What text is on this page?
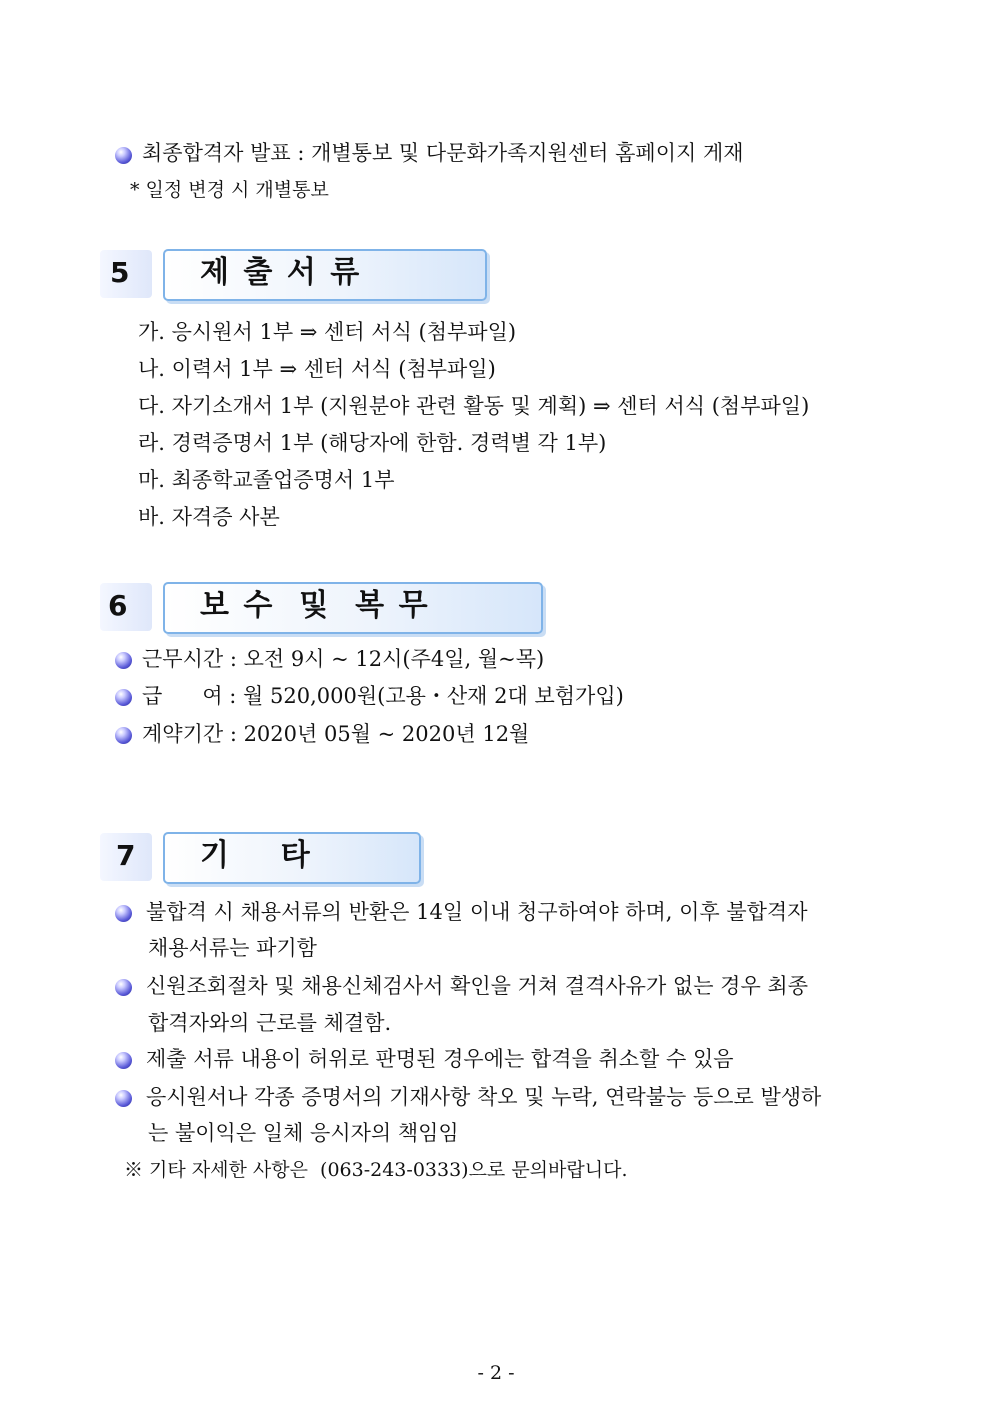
최종합격자 발표 : 개별통보 및 다문화가족지원센터 홈페이지 게재
* 일정 변경 시 개별통보
5 제 출 서 류
가. 응시원서 1부 ⇒ 센터 서식 (첨부파일)
나. 이력서 1부 ⇒ 센터 서식 (첨부파일)
다. 자기소개서 1부 (지원분야 관련 활동 및 계획) ⇒ 센터 서식 (첨부파일)
라. 경력증명서 1부 (해당자에 한함. 경력별 각 1부)
마. 최종학교졸업증명서 1부
바. 자격증 사본
6 보 수  및  복 무
근무시간 : 오전 9시 ~ 12시(주4일, 월~목)
급      여 : 월 520,000원(고용・산재 2대 보험가입)
계약기간 : 2020년 05월 ~ 2020년 12월
7 기    타
불합격 시 채용서류의 반환은 14일 이내 청구하여야 하며, 이후 불합격자
채용서류는 파기함
신원조회절차 및 채용신체검사서 확인을 거쳐 결격사유가 없는 경우 최종
합격자와의 근로를 체결함.
제출 서류 내용이 허위로 판명된 경우에는 합격을 취소할 수 있음
응시원서나 각종 증명서의 기재사항 착오 및 누락, 연락불능 등으로 발생하
는 불이익은 일체 응시자의 책임임
※ 기타 자세한 사항은  (063-243-0333)으로 문의바랍니다.
- 2 -
